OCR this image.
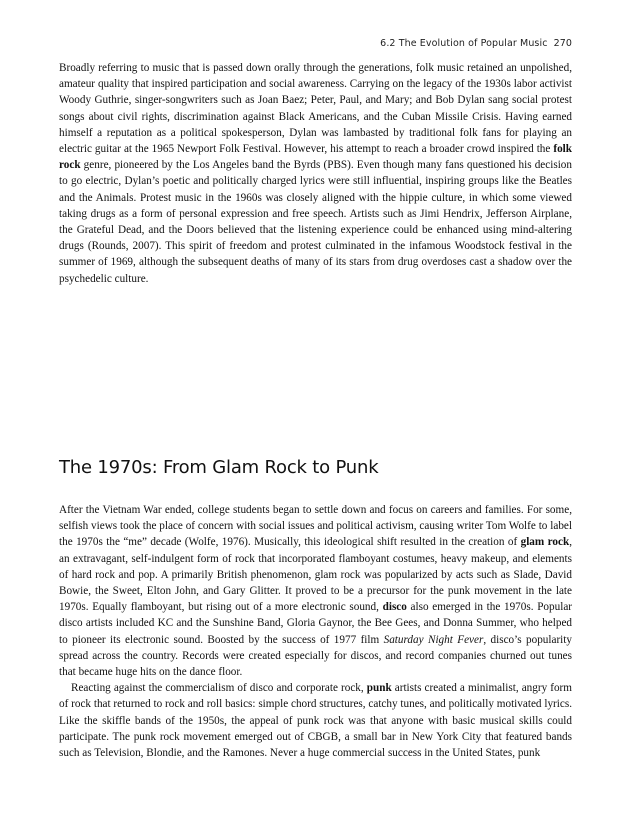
6.2 The Evolution of Popular Music 270

Broadly referring to music that is passed down orally through the generations, folk music retained an unpolished, amateur quality that inspired participation and social awareness. Carrying on the legacy of the 1930s labor activist Woody Guthrie, singer-songwriters such as Joan Baez; Peter, Paul, and Mary; and Bob Dylan sang social protest songs about civil rights, discrimination against Black Americans, and the Cuban Missile Crisis. Having earned himself a reputation as a political spokesperson, Dylan was lambasted by traditional folk fans for playing an electric guitar at the 1965 Newport Folk Festival. However, his attempt to reach a broader crowd inspired the folk rock genre, pioneered by the Los Angeles band the Byrds (PBS). Even though many fans questioned his decision to go electric, Dylan’s poetic and politically charged lyrics were still influential, inspiring groups like the Beatles and the Animals. Protest music in the 1960s was closely aligned with the hippie culture, in which some viewed taking drugs as a form of personal expression and free speech. Artists such as Jimi Hendrix, Jefferson Airplane, the Grateful Dead, and the Doors believed that the listening experience could be enhanced using mind-altering drugs (Rounds, 2007). This spirit of freedom and protest culminated in the infamous Woodstock festival in the summer of 1969, although the subsequent deaths of many of its stars from drug overdoses cast a shadow over the psychedelic culture.

The 1970s: From Glam Rock to Punk

After the Vietnam War ended, college students began to settle down and focus on careers and families. For some, selfish views took the place of concern with social issues and political activism, causing writer Tom Wolfe to label the 1970s the “me” decade (Wolfe, 1976). Musically, this ideological shift resulted in the creation of glam rock, an extravagant, self-indulgent form of rock that incorporated flamboyant costumes, heavy makeup, and elements of hard rock and pop. A primarily British phenomenon, glam rock was popularized by acts such as Slade, David Bowie, the Sweet, Elton John, and Gary Glitter. It proved to be a precursor for the punk movement in the late 1970s. Equally flamboyant, but rising out of a more electronic sound, disco also emerged in the 1970s. Popular disco artists included KC and the Sunshine Band, Gloria Gaynor, the Bee Gees, and Donna Summer, who helped to pioneer its electronic sound. Boosted by the success of 1977 film Saturday Night Fever, disco’s popularity spread across the country. Records were created especially for discos, and record companies churned out tunes that became huge hits on the dance floor.

Reacting against the commercialism of disco and corporate rock, punk artists created a minimalist, angry form of rock that returned to rock and roll basics: simple chord structures, catchy tunes, and politically motivated lyrics. Like the skiffle bands of the 1950s, the appeal of punk rock was that anyone with basic musical skills could participate. The punk rock movement emerged out of CBGB, a small bar in New York City that featured bands such as Television, Blondie, and the Ramones. Never a huge commercial success in the United States, punk
